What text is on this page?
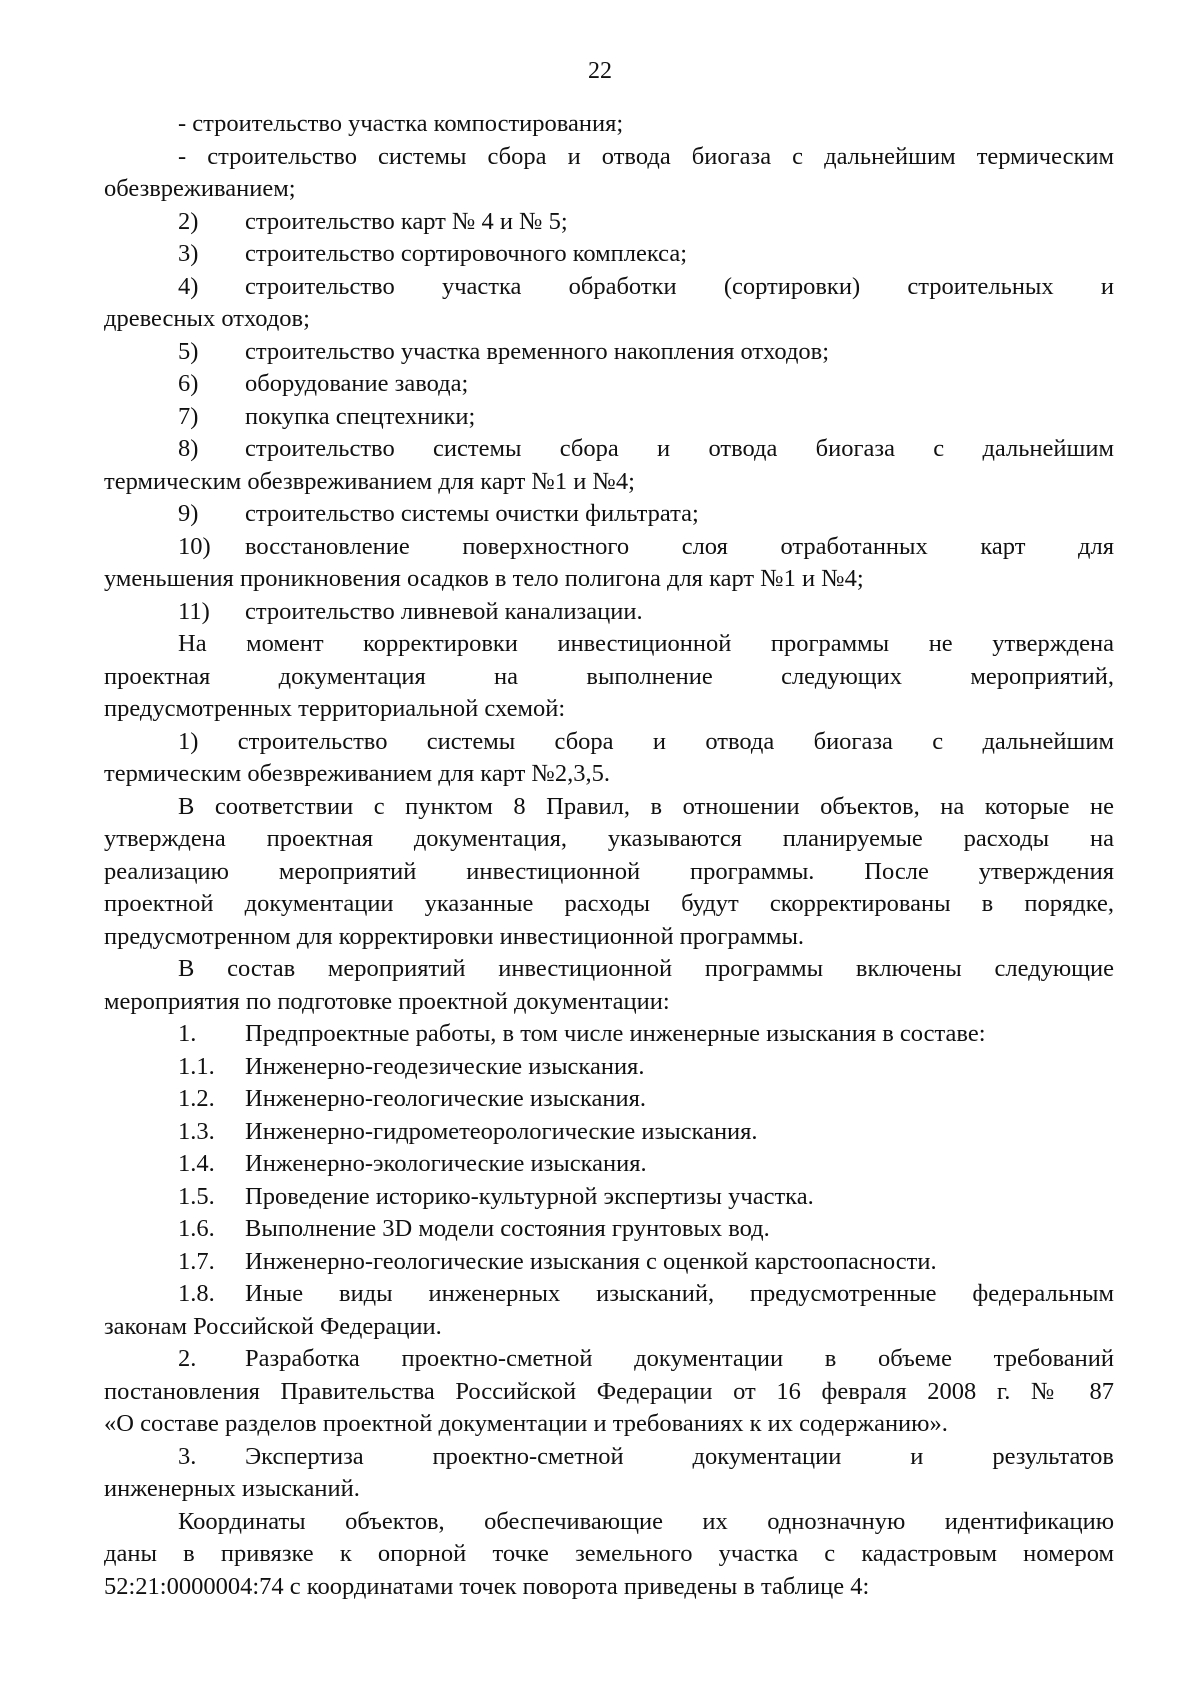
22
- строительство участка компостирования;
- строительство системы сбора и отвода биогаза с дальнейшим термическим
обезвреживанием;
2)	строительство карт № 4 и № 5;
3)	строительство сортировочного комплекса;
4)	строительство участка обработки (сортировки) строительных и
древесных отходов;
5)	строительство участка временного накопления отходов;
6)	оборудование завода;
7)	покупка спецтехники;
8)	строительство системы сбора и отвода биогаза с дальнейшим
термическим обезвреживанием для карт №1 и №4;
9)	строительство системы очистки фильтрата;
10)	восстановление поверхностного слоя отработанных карт для
уменьшения проникновения осадков в тело полигона для карт №1 и №4;
11)	строительство ливневой канализации.
На момент корректировки инвестиционной программы не утверждена
проектная документация на выполнение следующих мероприятий,
предусмотренных территориальной схемой:
1) строительство системы сбора и отвода биогаза с дальнейшим
термическим обезвреживанием для карт №2,3,5.
В соответствии с пунктом 8 Правил, в отношении объектов, на которые не
утверждена проектная документация, указываются планируемые расходы на
реализацию мероприятий инвестиционной программы. После утверждения
проектной документации указанные расходы будут скорректированы в порядке,
предусмотренном для корректировки инвестиционной программы.
В состав мероприятий инвестиционной программы включены следующие
мероприятия по подготовке проектной документации:
1.	Предпроектные работы, в том числе инженерные изыскания в составе:
1.1.	Инженерно-геодезические изыскания.
1.2.	Инженерно-геологические изыскания.
1.3.	Инженерно-гидрометеорологические изыскания.
1.4.	Инженерно-экологические изыскания.
1.5.	Проведение историко-культурной экспертизы участка.
1.6.	Выполнение 3D модели состояния грунтовых вод.
1.7.	Инженерно-геологические изыскания с оценкой карстоопасности.
1.8.	Иные виды инженерных изысканий, предусмотренные федеральным
законам Российской Федерации.
2.	Разработка проектно-сметной документации в объеме требований
постановления Правительства Российской Федерации от 16 февраля 2008 г. № 87
«О составе разделов проектной документации и требованиях к их содержанию».
3.	Экспертиза проектно-сметной документации и результатов
инженерных изысканий.
Координаты объектов, обеспечивающие их однозначную идентификацию
даны в привязке к опорной точке земельного участка с кадастровым номером
52:21:0000004:74 с координатами точек поворота приведены в таблице 4:
